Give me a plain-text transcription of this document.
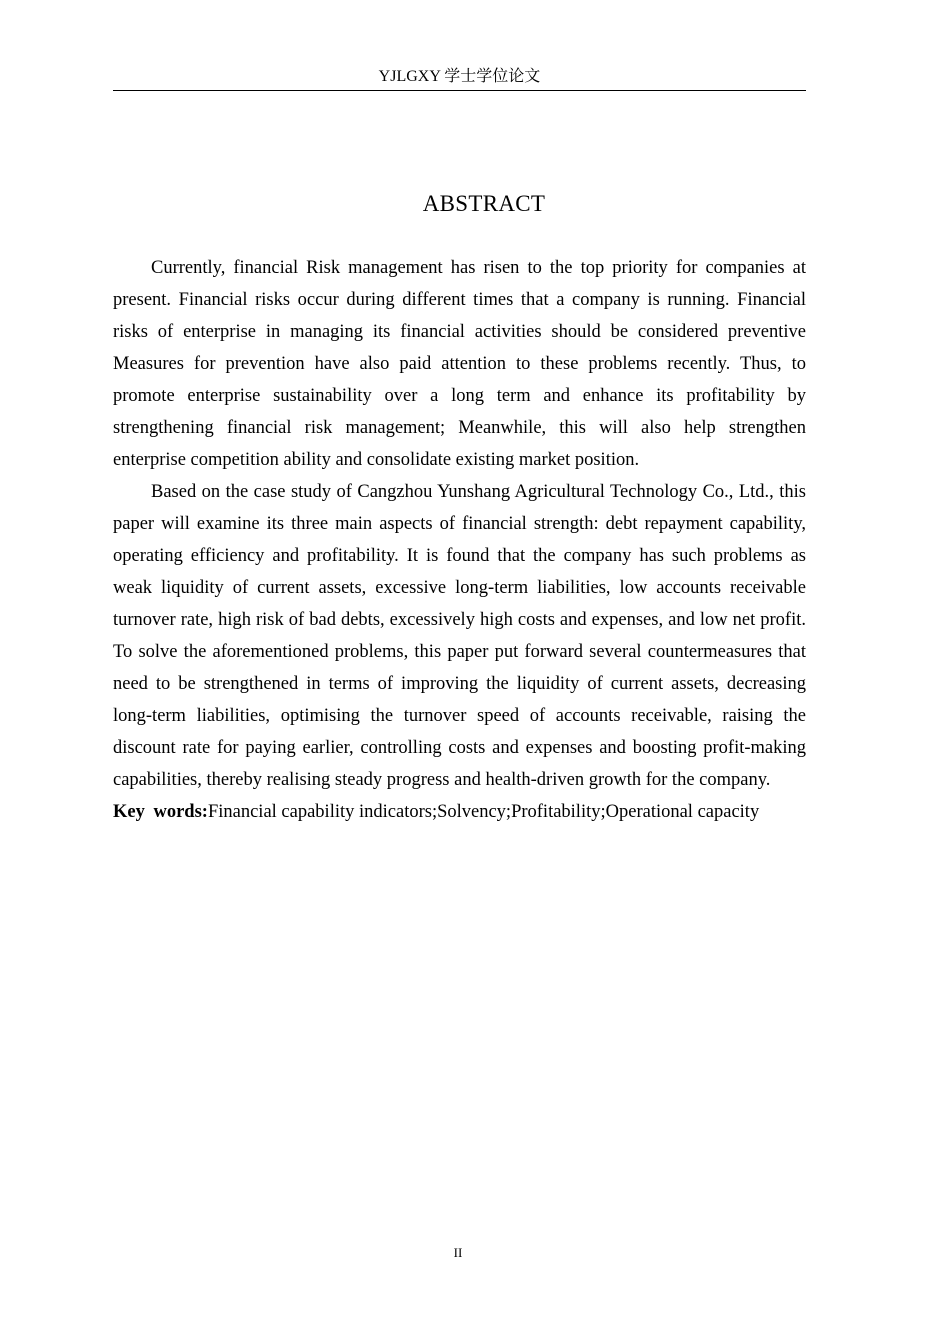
YJLGXY 学士学位论文
ABSTRACT

Currently, financial Risk management has risen to the top priority for companies at present. Financial risks occur during different times that a company is running. Financial risks of enterprise in managing its financial activities should be considered preventive Measures for prevention have also paid attention to these problems recently. Thus, to promote enterprise sustainability over a long term and enhance its profitability by strengthening financial risk management; Meanwhile, this will also help strengthen enterprise competition ability and consolidate existing market position.

Based on the case study of Cangzhou Yunshang Agricultural Technology Co., Ltd., this paper will examine its three main aspects of financial strength: debt repayment capability, operating efficiency and profitability. It is found that the company has such problems as weak liquidity of current assets, excessive long-term liabilities, low accounts receivable turnover rate, high risk of bad debts, excessively high costs and expenses, and low net profit. To solve the aforementioned problems, this paper put forward several countermeasures that need to be strengthened in terms of improving the liquidity of current assets, decreasing long-term liabilities, optimising the turnover speed of accounts receivable, raising the discount rate for paying earlier, controlling costs and expenses and boosting profit-making capabilities, thereby realising steady progress and health-driven growth for the company.

Key words:Financial capability indicators;Solvency;Profitability;Operational capacity

II
